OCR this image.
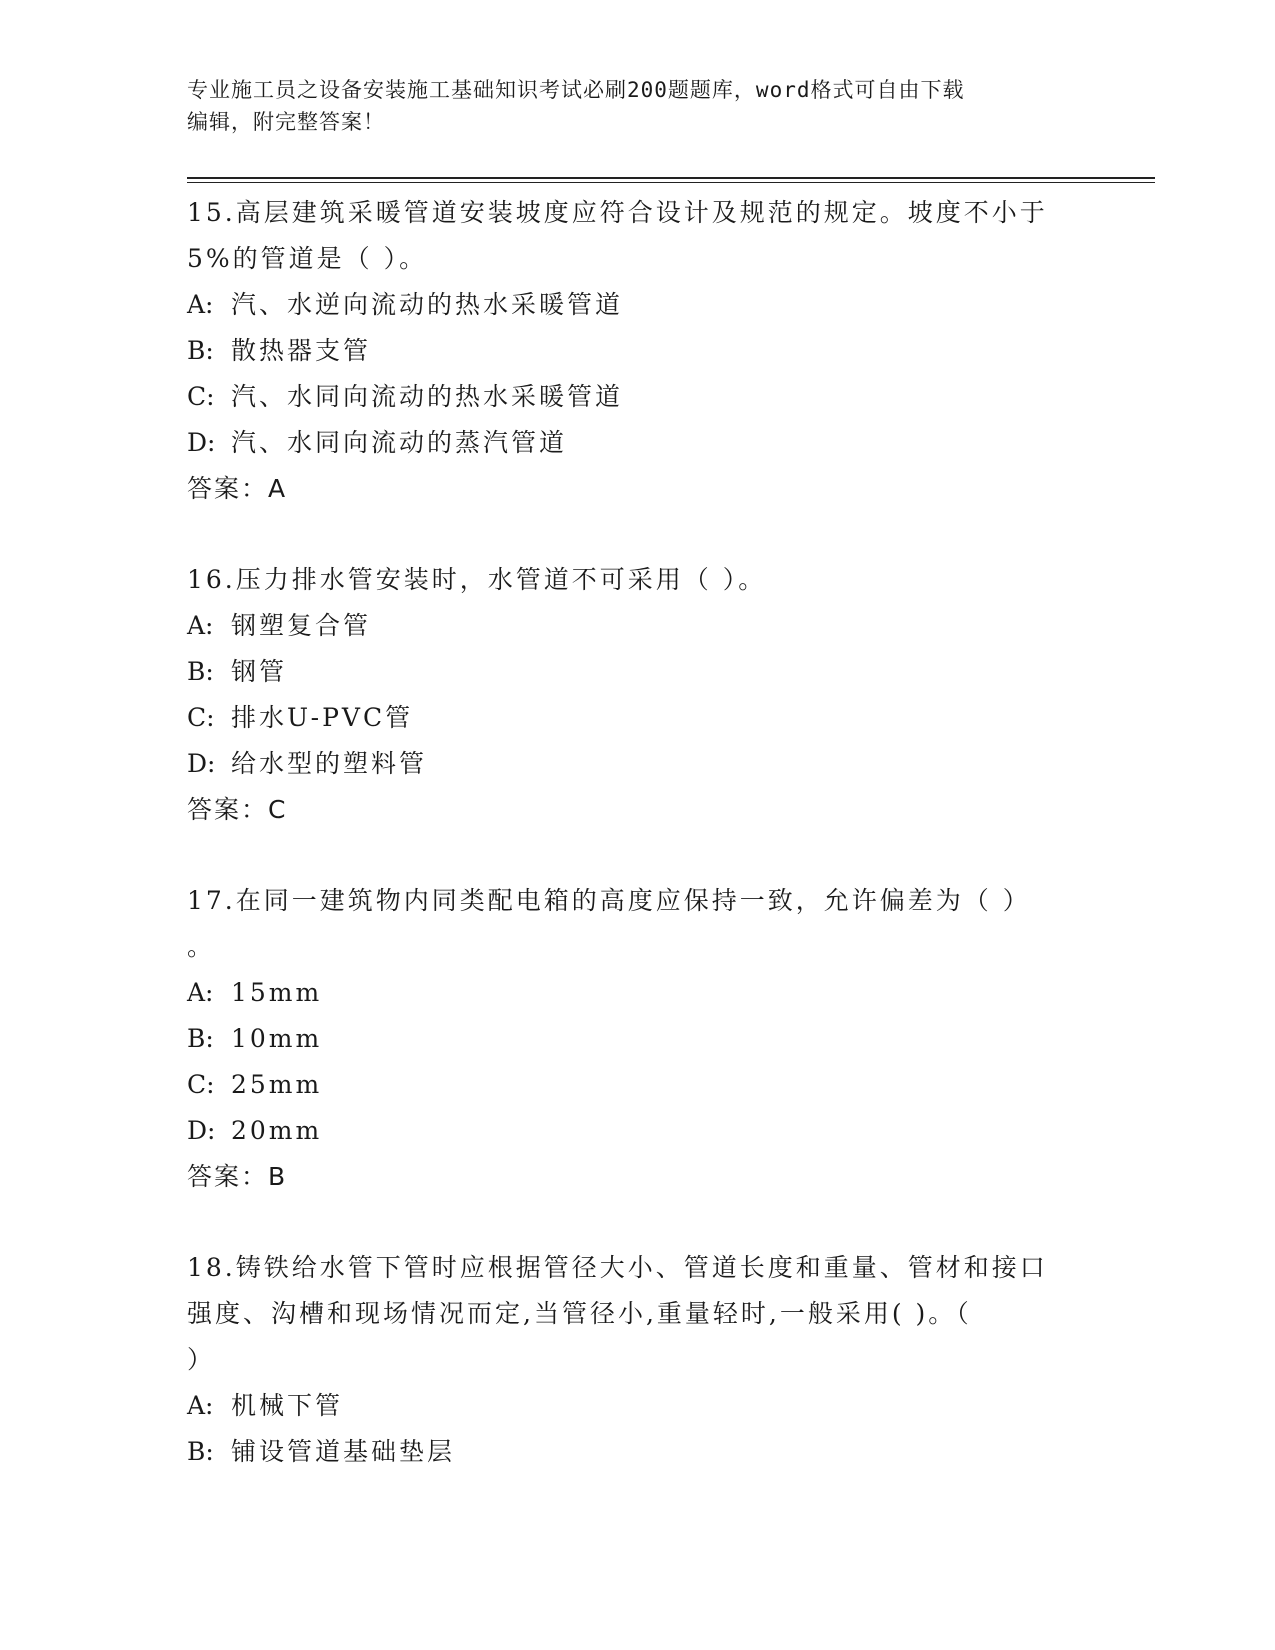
专业施工员之设备安装施工基础知识考试必刷200题题库，word格式可自由下载
编辑，附完整答案！
15.高层建筑采暖管道安装坡度应符合设计及规范的规定。坡度不小于
5%的管道是（ ）。
A: 汽、水逆向流动的热水采暖管道
B: 散热器支管
C: 汽、水同向流动的热水采暖管道
D: 汽、水同向流动的蒸汽管道
答案：A
16.压力排水管安装时，水管道不可采用（ ）。
A: 钢塑复合管
B: 钢管
C: 排水U-PVC管
D: 给水型的塑料管
答案：C
17.在同一建筑物内同类配电箱的高度应保持一致，允许偏差为（ ）
。
A: 15mm
B: 10mm
C: 25mm
D: 20mm
答案：B
18.铸铁给水管下管时应根据管径大小、管道长度和重量、管材和接口
强度、沟槽和现场情况而定,当管径小,重量轻时,一般采用( )。（
）
A: 机械下管
B: 铺设管道基础垫层
